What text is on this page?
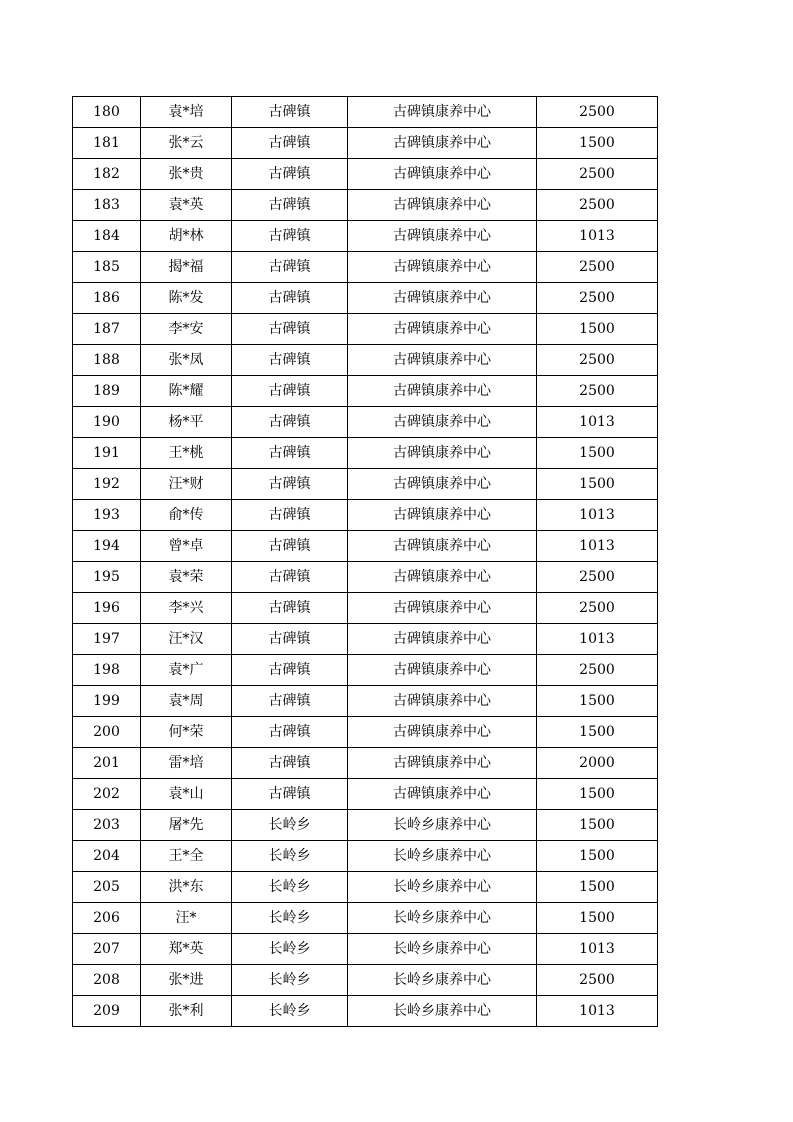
180	袁*培	古碑镇	古碑镇康养中心	2500
181	张*云	古碑镇	古碑镇康养中心	1500
182	张*贵	古碑镇	古碑镇康养中心	2500
183	袁*英	古碑镇	古碑镇康养中心	2500
184	胡*林	古碑镇	古碑镇康养中心	1013
185	揭*福	古碑镇	古碑镇康养中心	2500
186	陈*发	古碑镇	古碑镇康养中心	2500
187	李*安	古碑镇	古碑镇康养中心	1500
188	张*凤	古碑镇	古碑镇康养中心	2500
189	陈*耀	古碑镇	古碑镇康养中心	2500
190	杨*平	古碑镇	古碑镇康养中心	1013
191	王*桃	古碑镇	古碑镇康养中心	1500
192	汪*财	古碑镇	古碑镇康养中心	1500
193	俞*传	古碑镇	古碑镇康养中心	1013
194	曾*卓	古碑镇	古碑镇康养中心	1013
195	袁*荣	古碑镇	古碑镇康养中心	2500
196	李*兴	古碑镇	古碑镇康养中心	2500
197	汪*汉	古碑镇	古碑镇康养中心	1013
198	袁*广	古碑镇	古碑镇康养中心	2500
199	袁*周	古碑镇	古碑镇康养中心	1500
200	何*荣	古碑镇	古碑镇康养中心	1500
201	雷*培	古碑镇	古碑镇康养中心	2000
202	袁*山	古碑镇	古碑镇康养中心	1500
203	屠*先	长岭乡	长岭乡康养中心	1500
204	王*全	长岭乡	长岭乡康养中心	1500
205	洪*东	长岭乡	长岭乡康养中心	1500
206	汪*	长岭乡	长岭乡康养中心	1500
207	郑*英	长岭乡	长岭乡康养中心	1013
208	张*进	长岭乡	长岭乡康养中心	2500
209	张*利	长岭乡	长岭乡康养中心	1013
